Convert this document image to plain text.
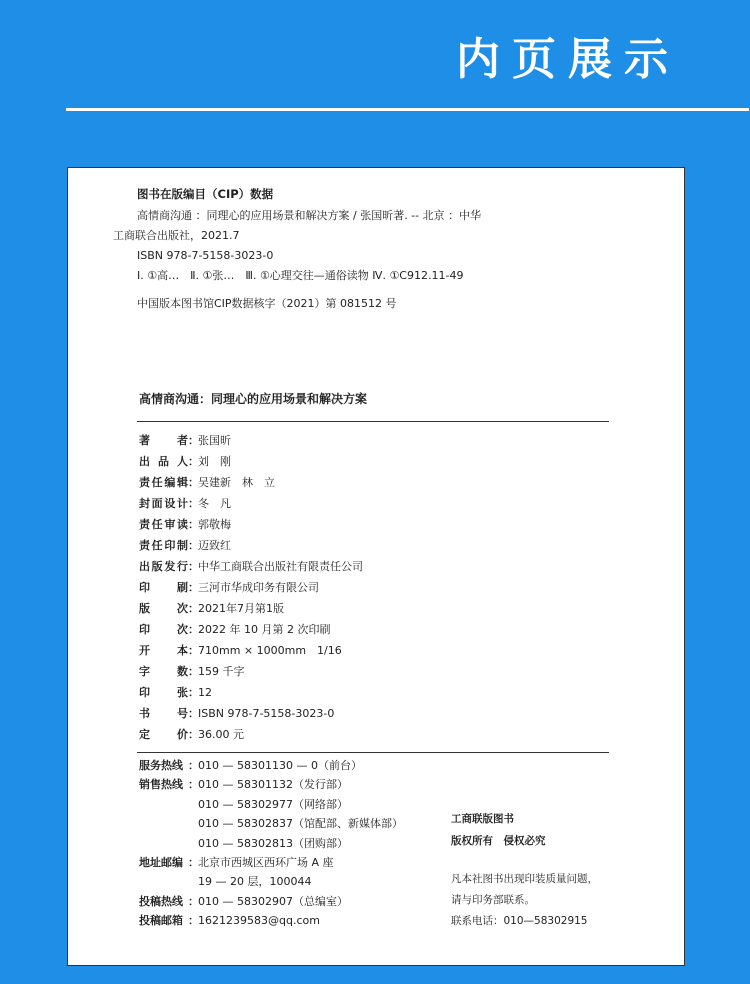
内页展示
图书在版编目（CIP）数据
高情商沟通 ：同理心的应用场景和解决方案 / 张国昕著. -- 北京 ：中华
工商联合出版社，2021.7
ISBN 978-7-5158-3023-0
Ⅰ. ①高…　Ⅱ. ①张…　Ⅲ. ①心理交往—通俗读物 Ⅳ. ①C912.11-49
中国版本图书馆CIP数据核字（2021）第 081512 号
高情商沟通：同理心的应用场景和解决方案
著　者 ： 张国昕
出品人 ： 刘　刚
责任编辑 ： 吴建新　林　立
封面设计 ： 冬　凡
责任审读 ： 郭敬梅
责任印制 ： 迈致红
出版发行 ： 中华工商联合出版社有限责任公司
印　刷 ： 三河市华成印务有限公司
版　次 ： 2021年7月第1版
印　次 ： 2022 年 10 月第 2 次印刷
开　本 ： 710mm × 1000mm　1/16
字　数 ： 159 千字
印　张 ： 12
书　号 ： ISBN 978-7-5158-3023-0
定　价 ： 36.00 元
服务热线 ： 010 — 58301130 — 0（前台）
销售热线 ： 010 — 58301132（发行部）
010 — 58302977（网络部）
010 — 58302837（馆配部、新媒体部）
010 — 58302813（团购部）
地址邮编 ： 北京市西城区西环广场 A 座
19 — 20 层，100044
投稿热线 ： 010 — 58302907（总编室）
投稿邮箱 ： 1621239583@qq.com
工商联版图书
版权所有　侵权必究
凡本社图书出现印装质量问题，
请与印务部联系。
联系电话：010—58302915
